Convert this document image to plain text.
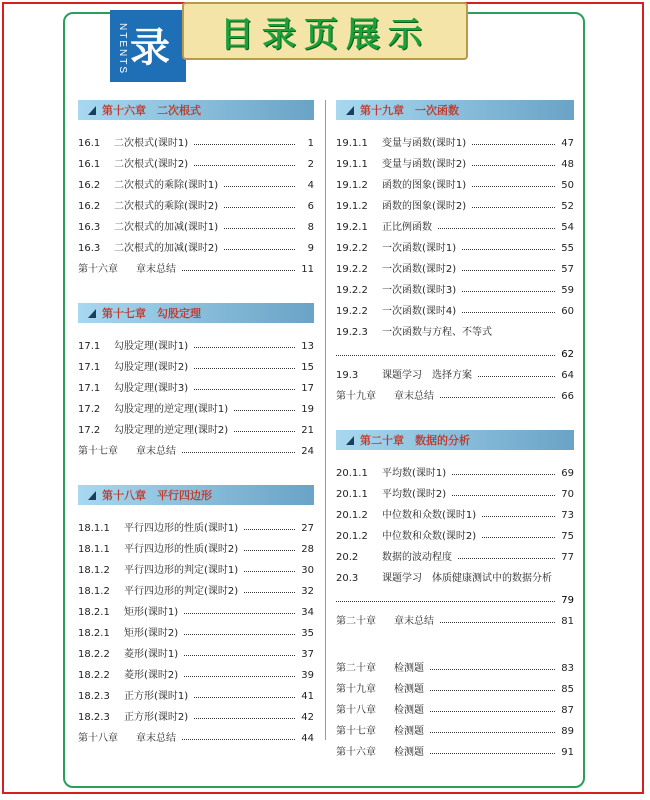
NTENTS 录 目录页展示
第十六章　二次根式
16.1	二次根式(课时1)	1
16.1	二次根式(课时2)	2
16.2	二次根式的乘除(课时1)	4
16.2	二次根式的乘除(课时2)	6
16.3	二次根式的加减(课时1)	8
16.3	二次根式的加减(课时2)	9
第十六章	章末总结	11
第十七章　勾股定理
17.1	勾股定理(课时1)	13
17.1	勾股定理(课时2)	15
17.1	勾股定理(课时3)	17
17.2	勾股定理的逆定理(课时1)	19
17.2	勾股定理的逆定理(课时2)	21
第十七章	章末总结	24
第十八章　平行四边形
18.1.1	平行四边形的性质(课时1)	27
18.1.1	平行四边形的性质(课时2)	28
18.1.2	平行四边形的判定(课时1)	30
18.1.2	平行四边形的判定(课时2)	32
18.2.1	矩形(课时1)	34
18.2.1	矩形(课时2)	35
18.2.2	菱形(课时1)	37
18.2.2	菱形(课时2)	39
18.2.3	正方形(课时1)	41
18.2.3	正方形(课时2)	42
第十八章	章末总结	44
第十九章　一次函数
19.1.1	变量与函数(课时1)	47
19.1.1	变量与函数(课时2)	48
19.1.2	函数的图象(课时1)	50
19.1.2	函数的图象(课时2)	52
19.2.1	正比例函数	54
19.2.2	一次函数(课时1)	55
19.2.2	一次函数(课时2)	57
19.2.2	一次函数(课时3)	59
19.2.2	一次函数(课时4)	60
19.2.3	一次函数与方程、不等式
62
19.3	课题学习　选择方案	64
第十九章	章末总结	66
第二十章　数据的分析
20.1.1	平均数(课时1)	69
20.1.1	平均数(课时2)	70
20.1.2	中位数和众数(课时1)	73
20.1.2	中位数和众数(课时2)	75
20.2	数据的波动程度	77
20.3	课题学习　体质健康测试中的数据分析
79
第二十章	章末总结	81
第二十章	检测题	83
第十九章	检测题	85
第十八章	检测题	87
第十七章	检测题	89
第十六章	检测题	91
